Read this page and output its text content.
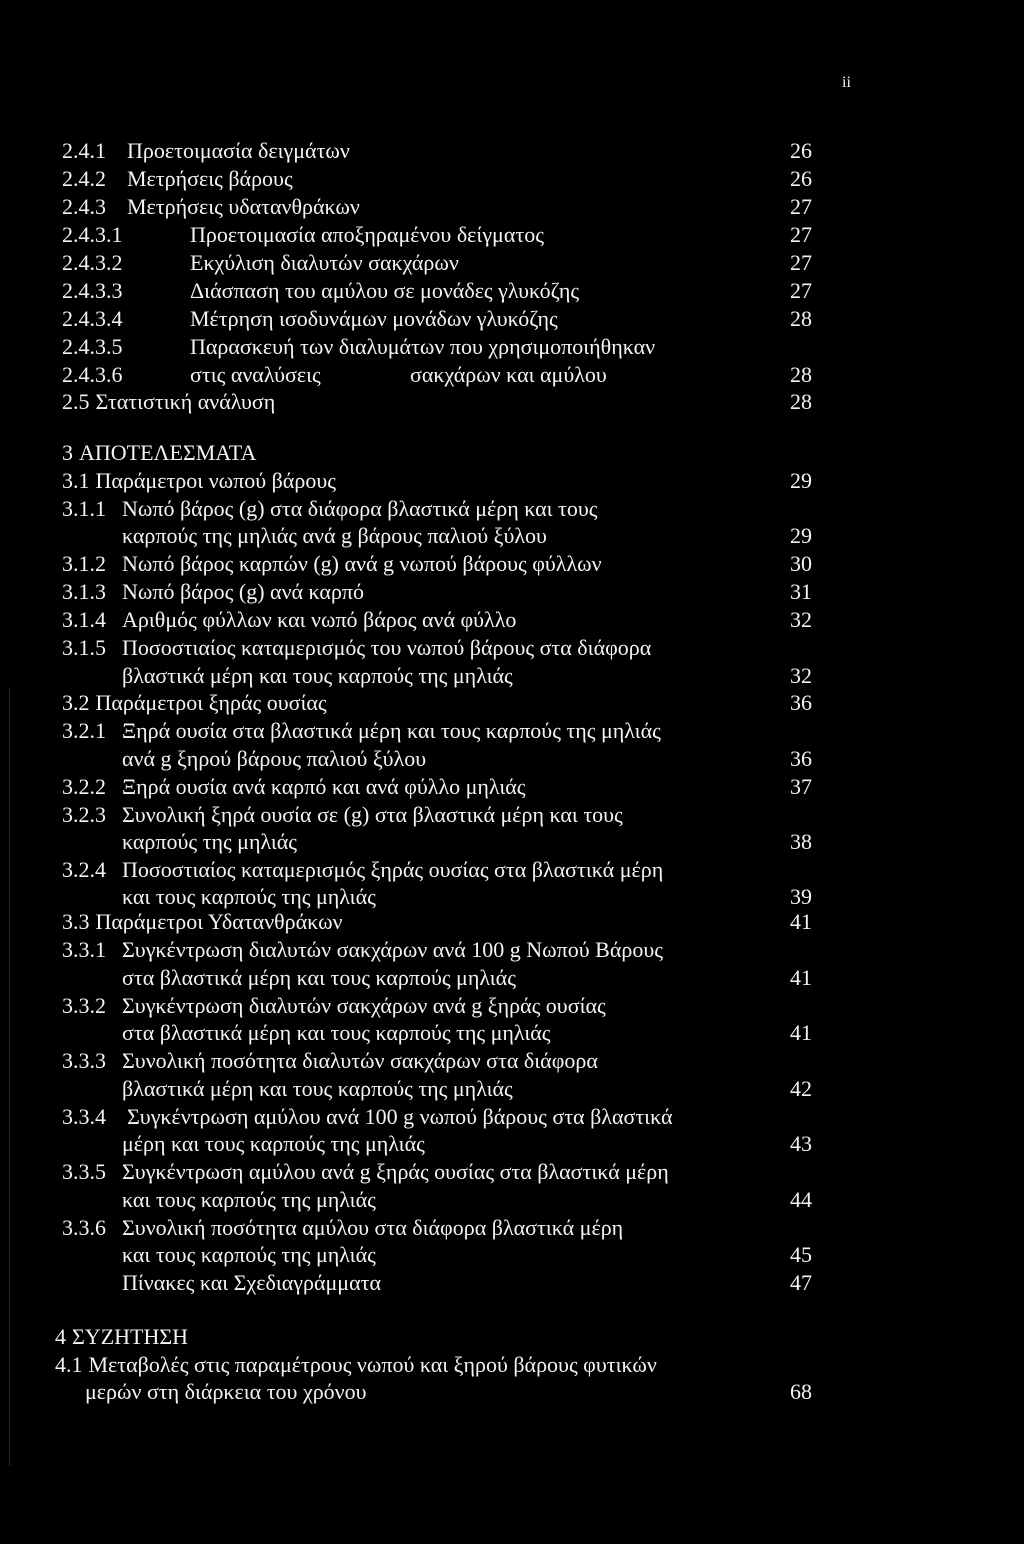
ii
2.4.1 Προετοιμασία δειγμάτων	26
2.4.2 Μετρήσεις βάρους	26
2.4.3 Μετρήσεις υδατανθράκων	27
2.4.3.1	Προετοιμασία αποξηραμένου δείγματος	27
2.4.3.2	Εκχύλιση διαλυτών σακχάρων	27
2.4.3.3	Διάσπαση του αμύλου σε μονάδες γλυκόζης	27
2.4.3.4	Μέτρηση ισοδυνάμων μονάδων γλυκόζης	28
2.4.3.5	Παρασκευή των διαλυμάτων που χρησιμοποιήθηκαν
2.4.3.6	στις αναλύσεις	σακχάρων και αμύλου	28
2.5 Στατιστική ανάλυση	28
3 ΑΠΟΤΕΛΕΣΜΑΤΑ
3.1 Παράμετροι νωπού βάρους	29
3.1.1 Νωπό βάρος (g) στα διάφορα βλαστικά μέρη και τους
καρπούς της μηλιάς ανά g βάρους παλιού ξύλου	29
3.1.2 Νωπό βάρος καρπών (g) ανά g νωπού βάρους φύλλων	30
3.1.3 Νωπό βάρος (g) ανά καρπό	31
3.1.4 Αριθμός φύλλων και νωπό βάρος ανά φύλλο	32
3.1.5 Ποσοστιαίος καταμερισμός του νωπού βάρους στα διάφορα
βλαστικά μέρη και τους καρπούς της μηλιάς	32
3.2 Παράμετροι ξηράς ουσίας	36
3.2.1 Ξηρά ουσία στα βλαστικά μέρη και τους καρπούς της μηλιάς
ανά g ξηρού βάρους παλιού ξύλου	36
3.2.2 Ξηρά ουσία ανά καρπό και ανά φύλλο μηλιάς	37
3.2.3 Συνολική ξηρά ουσία σε (g) στα βλαστικά μέρη και τους
καρπούς της μηλιάς	38
3.2.4 Ποσοστιαίος καταμερισμός ξηράς ουσίας στα βλαστικά μέρη
και τους καρπούς της μηλιάς	39
3.3 Παράμετροι Υδατανθράκων	41
3.3.1 Συγκέντρωση διαλυτών σακχάρων ανά 100 g Νωπού Βάρους
στα βλαστικά μέρη και τους καρπούς μηλιάς	41
3.3.2 Συγκέντρωση διαλυτών σακχάρων ανά g ξηράς ουσίας
στα βλαστικά μέρη και τους καρπούς της μηλιάς	41
3.3.3 Συνολική ποσότητα διαλυτών σακχάρων στα διάφορα
βλαστικά μέρη και τους καρπούς της μηλιάς	42
3.3.4 Συγκέντρωση αμύλου ανά 100 g νωπού βάρους στα βλαστικά
μέρη και τους καρπούς της μηλιάς	43
3.3.5 Συγκέντρωση αμύλου ανά g ξηράς ουσίας στα βλαστικά μέρη
και τους καρπούς της μηλιάς	44
3.3.6 Συνολική ποσότητα αμύλου στα διάφορα βλαστικά μέρη
και τους καρπούς της μηλιάς	45
Πίνακες και Σχεδιαγράμματα	47
4 ΣΥΖΗΤΗΣΗ
4.1 Μεταβολές στις παραμέτρους νωπού και ξηρού βάρους φυτικών
μερών στη διάρκεια του χρόνου	68
